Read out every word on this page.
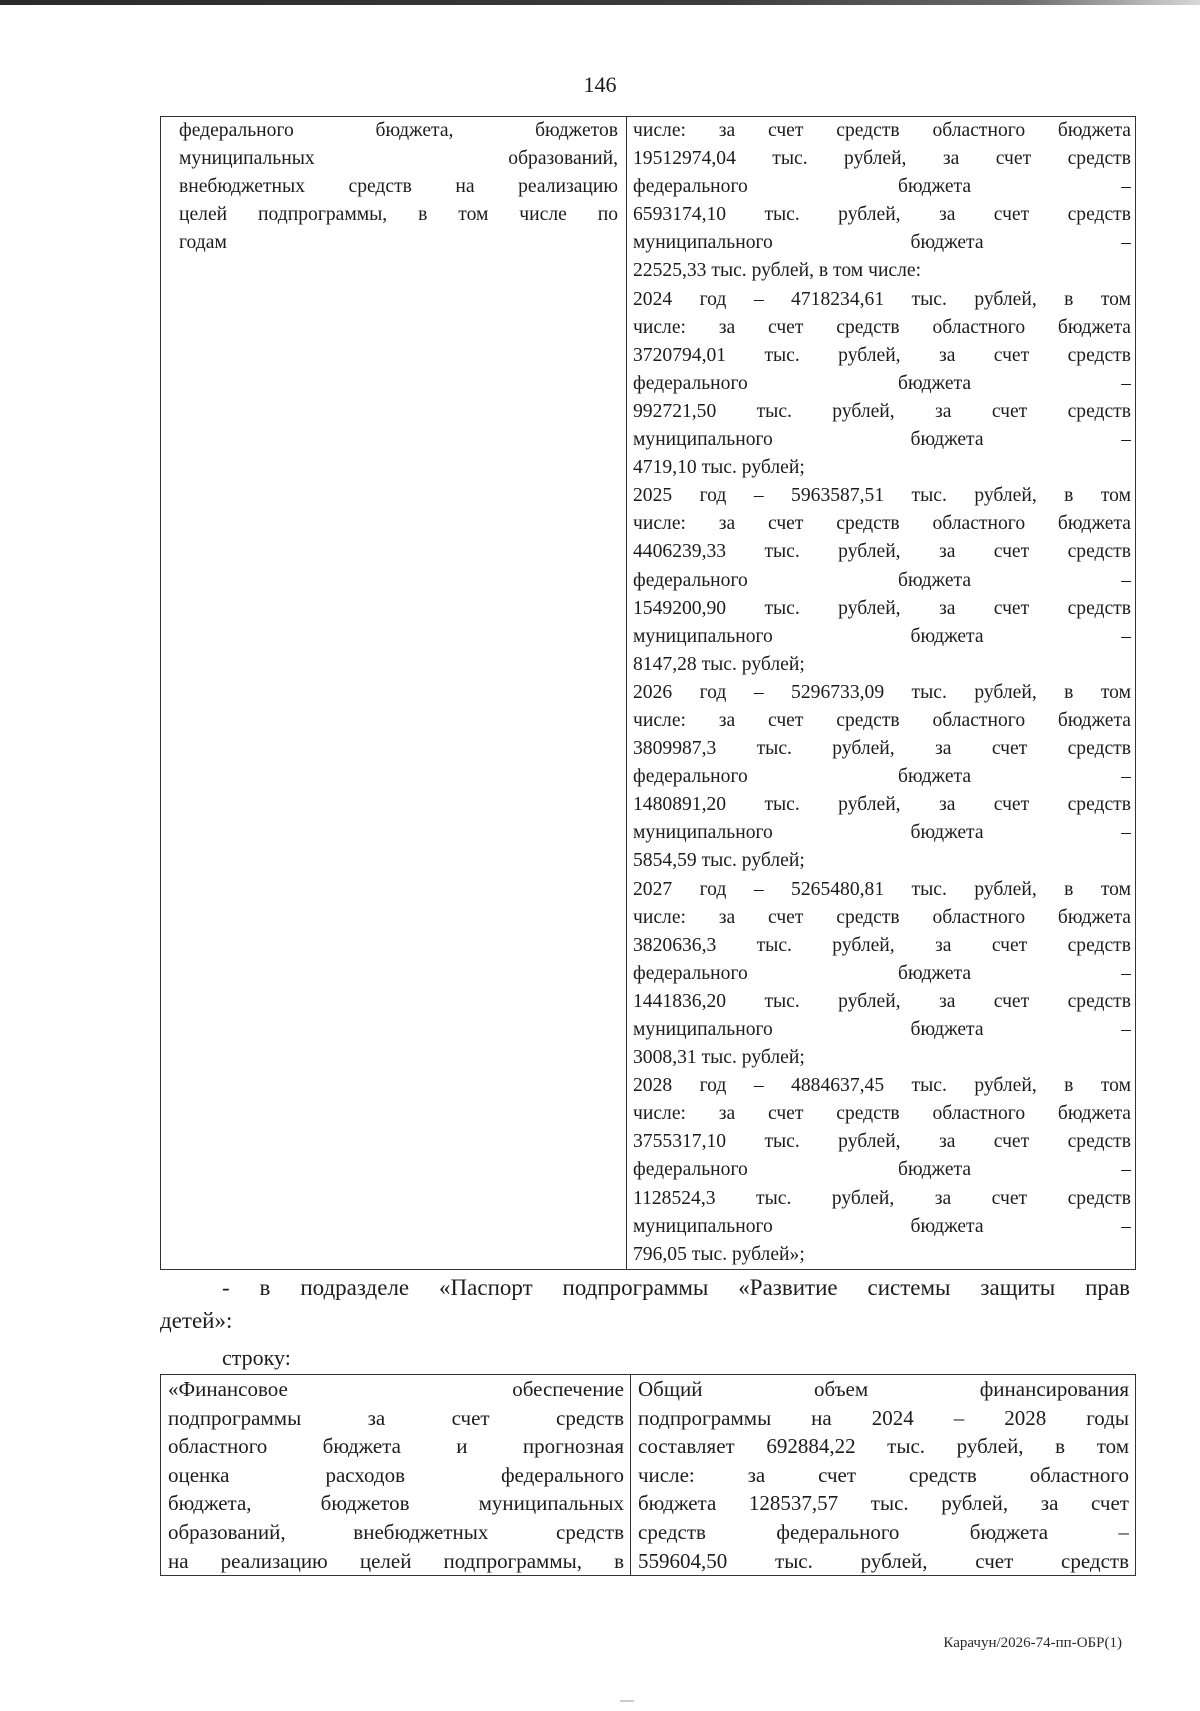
146
федерального бюджета, бюджетов
муниципальных образований,
внебюджетных средств на реализацию
целей подпрограммы, в том числе по
годам

числе: за счет средств областного бюджета
19512974,04 тыс. рублей, за счет средств
федерального бюджета –
6593174,10 тыс. рублей, за счет средств
муниципального бюджета –
22525,33 тыс. рублей, в том числе:
2024 год – 4718234,61 тыс. рублей, в том
числе: за счет средств областного бюджета
3720794,01 тыс. рублей, за счет средств
федерального бюджета –
992721,50 тыс. рублей, за счет средств
муниципального бюджета –
4719,10 тыс. рублей;
2025 год – 5963587,51 тыс. рублей, в том
числе: за счет средств областного бюджета
4406239,33 тыс. рублей, за счет средств
федерального бюджета –
1549200,90 тыс. рублей, за счет средств
муниципального бюджета –
8147,28 тыс. рублей;
2026 год – 5296733,09 тыс. рублей, в том
числе: за счет средств областного бюджета
3809987,3 тыс. рублей, за счет средств
федерального бюджета –
1480891,20 тыс. рублей, за счет средств
муниципального бюджета –
5854,59 тыс. рублей;
2027 год – 5265480,81 тыс. рублей, в том
числе: за счет средств областного бюджета
3820636,3 тыс. рублей, за счет средств
федерального бюджета –
1441836,20 тыс. рублей, за счет средств
муниципального бюджета –
3008,31 тыс. рублей;
2028 год – 4884637,45 тыс. рублей, в том
числе: за счет средств областного бюджета
3755317,10 тыс. рублей, за счет средств
федерального бюджета –
1128524,3 тыс. рублей, за счет средств
муниципального бюджета –
796,05 тыс. рублей»;
- в подразделе «Паспорт подпрограммы «Развитие системы защиты прав
детей»:
строку:
«Финансовое обеспечение
подпрограммы за счет средств
областного бюджета и прогнозная
оценка расходов федерального
бюджета, бюджетов муниципальных
образований, внебюджетных средств
на реализацию целей подпрограммы, в

Общий объем финансирования
подпрограммы на 2024 – 2028 годы
составляет 692884,22 тыс. рублей, в том
числе: за счет средств областного
бюджета 128537,57 тыс. рублей, за счет
средств федерального бюджета –
559604,50 тыс. рублей, счет средств
Карачун/2026-74-пп-ОБР(1)
